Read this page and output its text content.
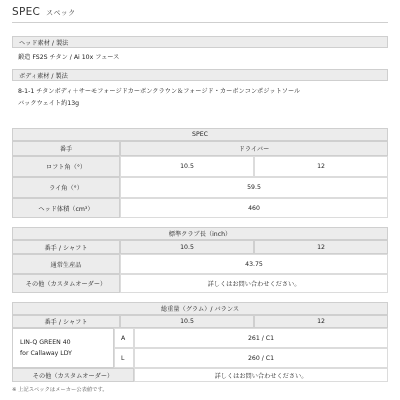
SPEC スペック
ヘッド素材 / 製法
鍛造 FS2S チタン / Ai 10x フェース
ボディ素材 / 製法
8-1-1 チタンボディ＋サーモフォージドカーボンクラウン＆フォージド・カーボンコンポジットソール
バックウェイト約13g
SPEC
番手	ドライバー
ロフト角（°）	10.5	12
ライ角（°）	59.5
ヘッド体積（cm³）	460
標準クラブ長（inch）
番手 / シャフト	10.5	12
通常生産品	43.75
その他（カスタムオーダー）	詳しくはお問い合わせください。
総重量（グラム）/ バランス
番手 / シャフト	10.5	12
LIN-Q GREEN 40
for Callaway LDY
A	261 / C1
L	260 / C1
その他（カスタムオーダー）	詳しくはお問い合わせください。
※ 上記スペックはメーカー公表値です。
